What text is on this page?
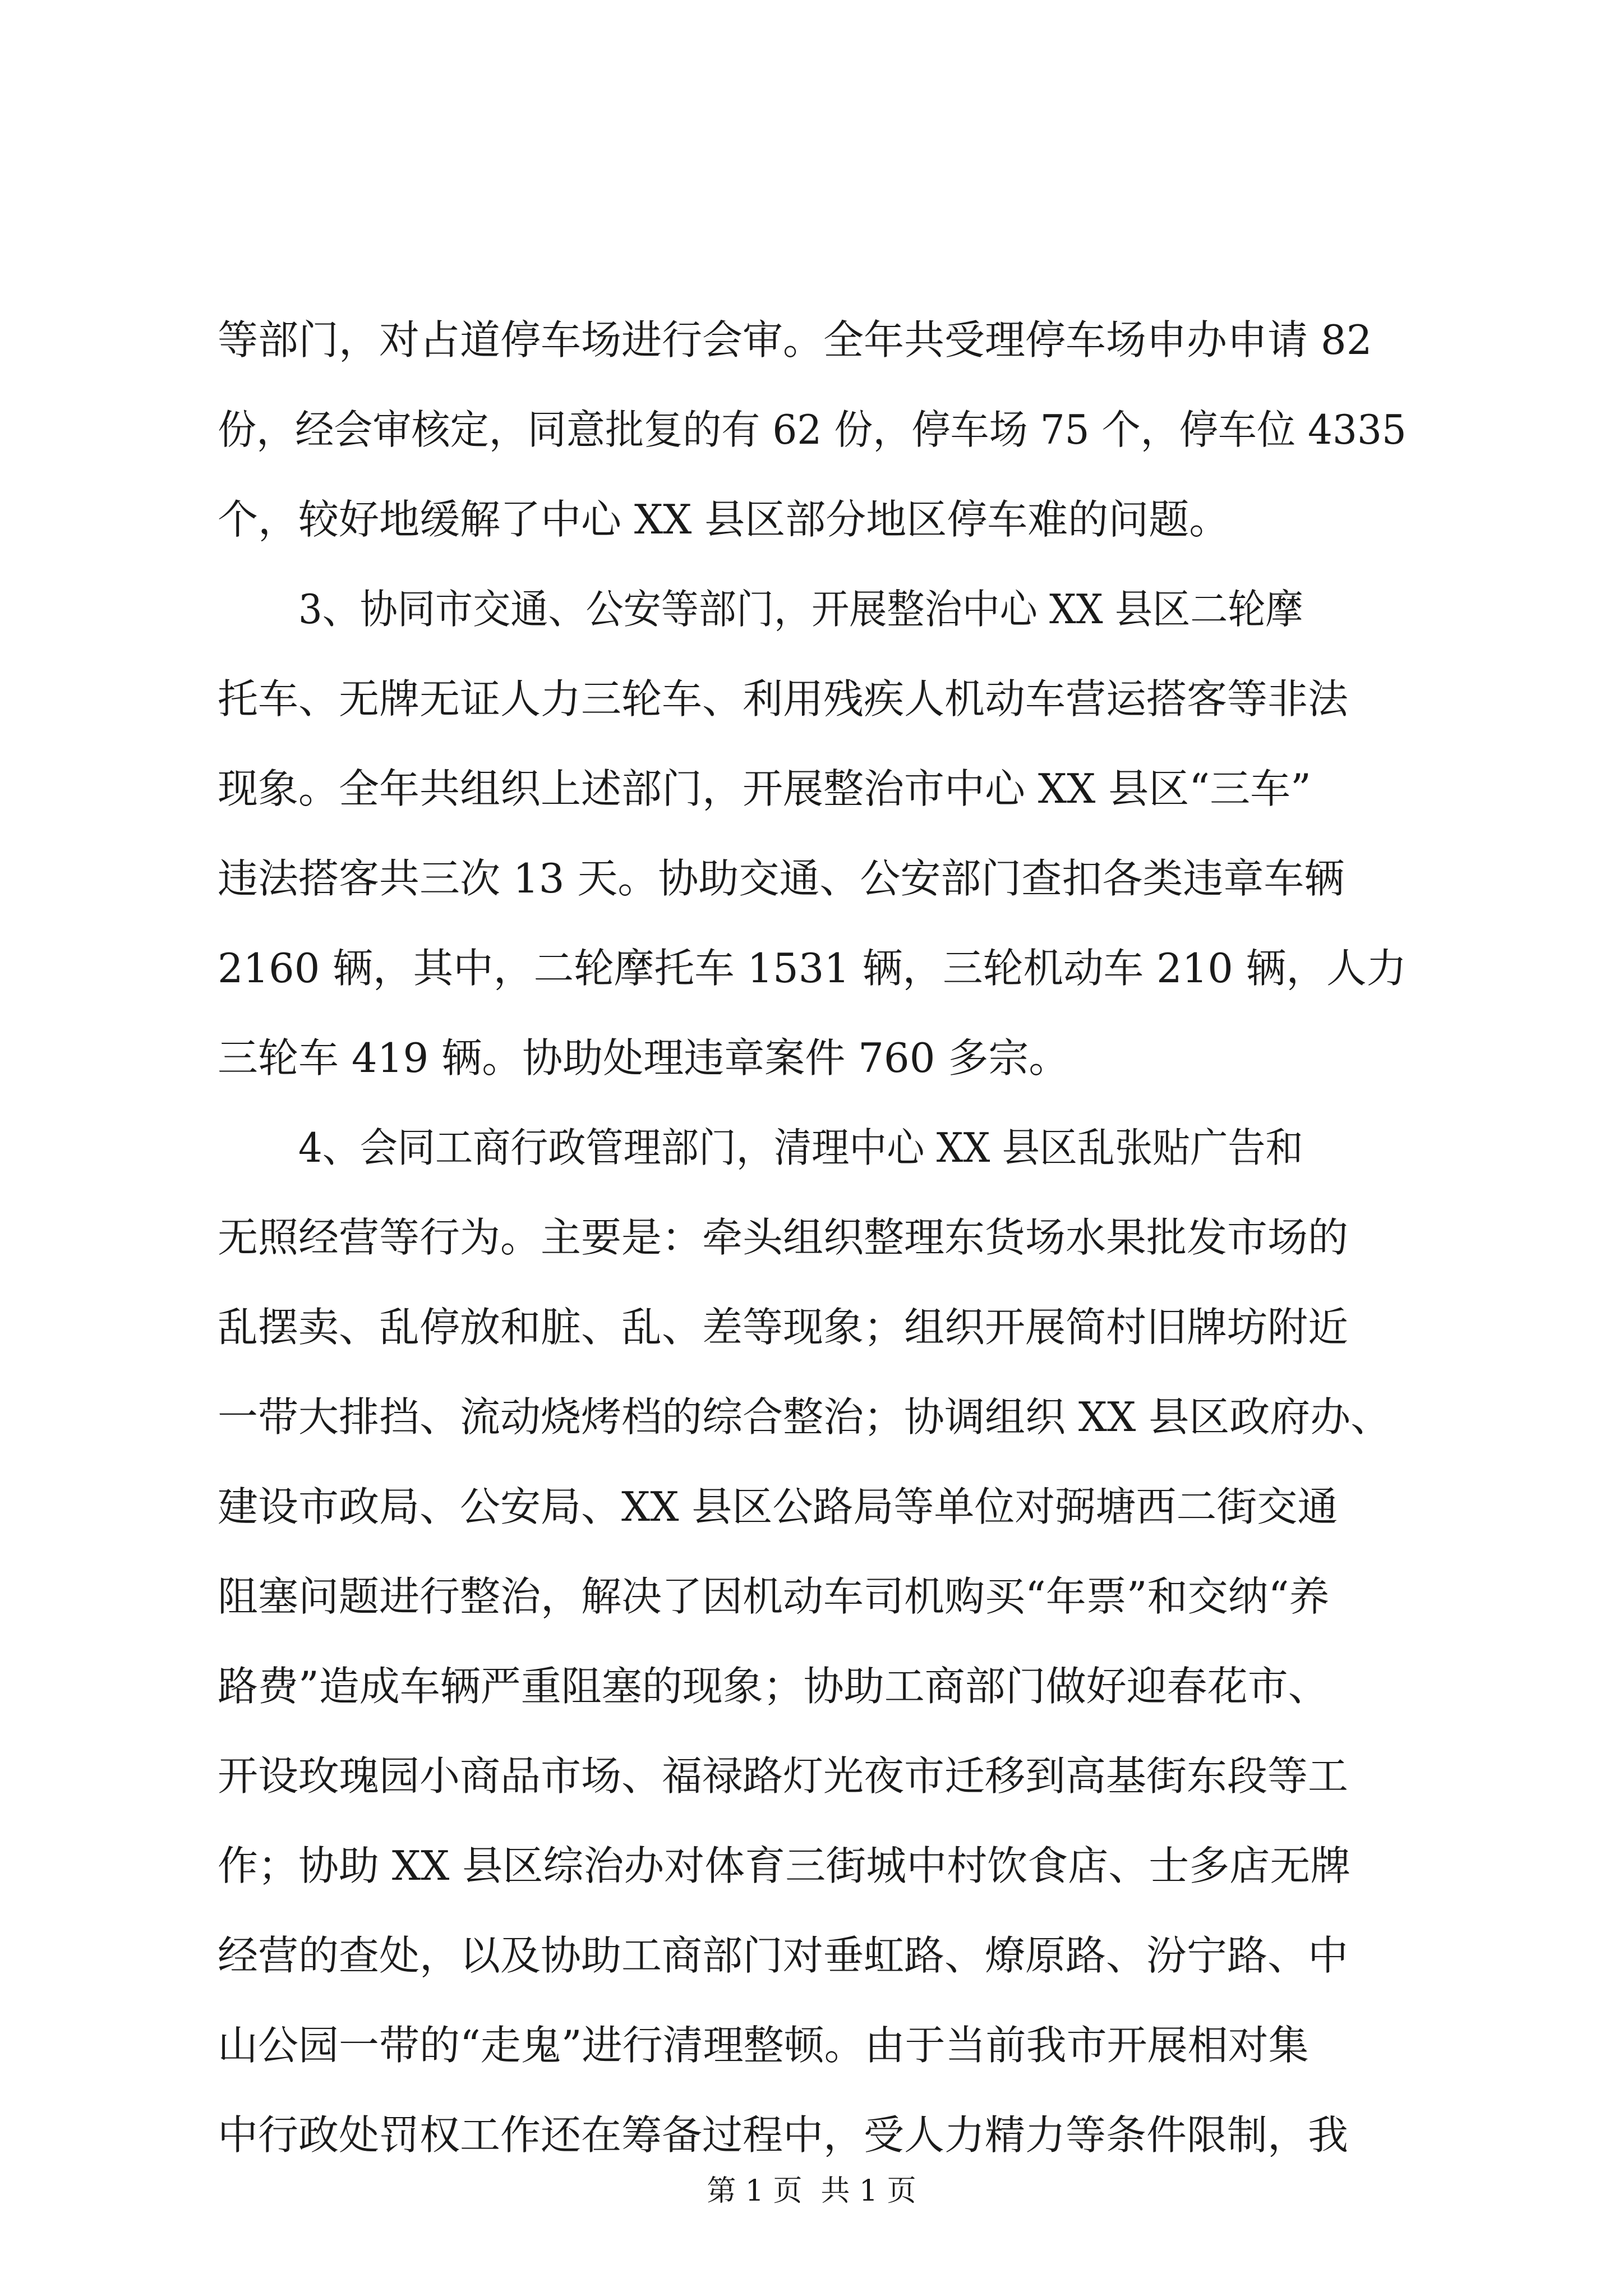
等部门，对占道停车场进行会审。全年共受理停车场申办申请 82
份，经会审核定，同意批复的有 62 份，停车场 75 个，停车位 4335
个，较好地缓解了中心 XX 县区部分地区停车难的问题。
3、协同市交通、公安等部门，开展整治中心 XX 县区二轮摩
托车、无牌无证人力三轮车、利用残疾人机动车营运搭客等非法
现象。全年共组织上述部门，开展整治市中心 XX 县区“三车”
违法搭客共三次 13 天。协助交通、公安部门查扣各类违章车辆
2160 辆，其中，二轮摩托车 1531 辆，三轮机动车 210 辆，人力
三轮车 419 辆。协助处理违章案件 760 多宗。
4、会同工商行政管理部门，清理中心 XX 县区乱张贴广告和
无照经营等行为。主要是：牵头组织整理东货场水果批发市场的
乱摆卖、乱停放和脏、乱、差等现象；组织开展简村旧牌坊附近
一带大排挡、流动烧烤档的综合整治；协调组织 XX 县区政府办、
建设市政局、公安局、XX 县区公路局等单位对弼塘西二街交通
阻塞问题进行整治，解决了因机动车司机购买“年票”和交纳“养
路费”造成车辆严重阻塞的现象；协助工商部门做好迎春花市、
开设玫瑰园小商品市场、福禄路灯光夜市迁移到高基街东段等工
作；协助 XX 县区综治办对体育三街城中村饮食店、士多店无牌
经营的查处，以及协助工商部门对垂虹路、燎原路、汾宁路、中
山公园一带的“走鬼”进行清理整顿。由于当前我市开展相对集
中行政处罚权工作还在筹备过程中，受人力精力等条件限制，我
第 1 页  共 1 页
